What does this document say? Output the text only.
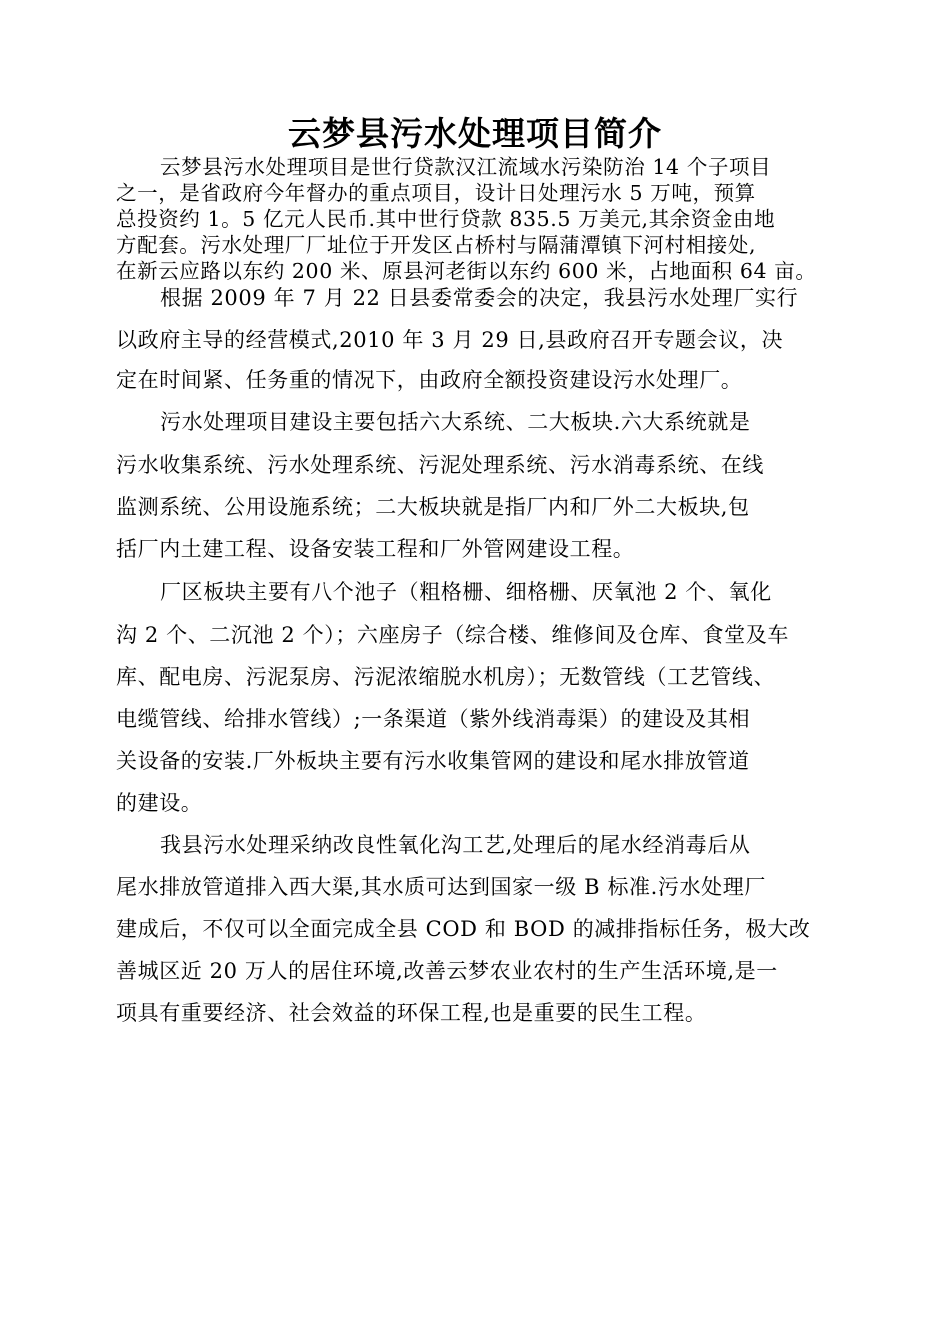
云梦县污水处理项目简介
云梦县污水处理项目是世行贷款汉江流域水污染防治 14 个子项目
之一，是省政府今年督办的重点项目，设计日处理污水 5 万吨，预算
总投资约 1。5 亿元人民币.其中世行贷款 835.5 万美元,其余资金由地
方配套。污水处理厂厂址位于开发区占桥村与隔蒲潭镇下河村相接处,
在新云应路以东约 200 米、原县河老街以东约 600 米，占地面积 64 亩。
根据 2009 年 7 月 22 日县委常委会的决定，我县污水处理厂实行
以政府主导的经营模式,2010 年 3 月 29 日,县政府召开专题会议，决
定在时间紧、任务重的情况下，由政府全额投资建设污水处理厂。
污水处理项目建设主要包括六大系统、二大板块.六大系统就是
污水收集系统、污水处理系统、污泥处理系统、污水消毒系统、在线
监测系统、公用设施系统；二大板块就是指厂内和厂外二大板块,包
括厂内土建工程、设备安装工程和厂外管网建设工程。
厂区板块主要有八个池子（粗格栅、细格栅、厌氧池 2 个、氧化
沟 2 个、二沉池 2 个）；六座房子（综合楼、维修间及仓库、食堂及车
库、配电房、污泥泵房、污泥浓缩脱水机房）；无数管线（工艺管线、
电缆管线、给排水管线）;一条渠道（紫外线消毒渠）的建设及其相
关设备的安装.厂外板块主要有污水收集管网的建设和尾水排放管道
的建设。
我县污水处理采纳改良性氧化沟工艺,处理后的尾水经消毒后从
尾水排放管道排入西大渠,其水质可达到国家一级 B 标准.污水处理厂
建成后，不仅可以全面完成全县 COD 和 BOD 的减排指标任务，极大改
善城区近 20 万人的居住环境,改善云梦农业农村的生产生活环境,是一
项具有重要经济、社会效益的环保工程,也是重要的民生工程。
